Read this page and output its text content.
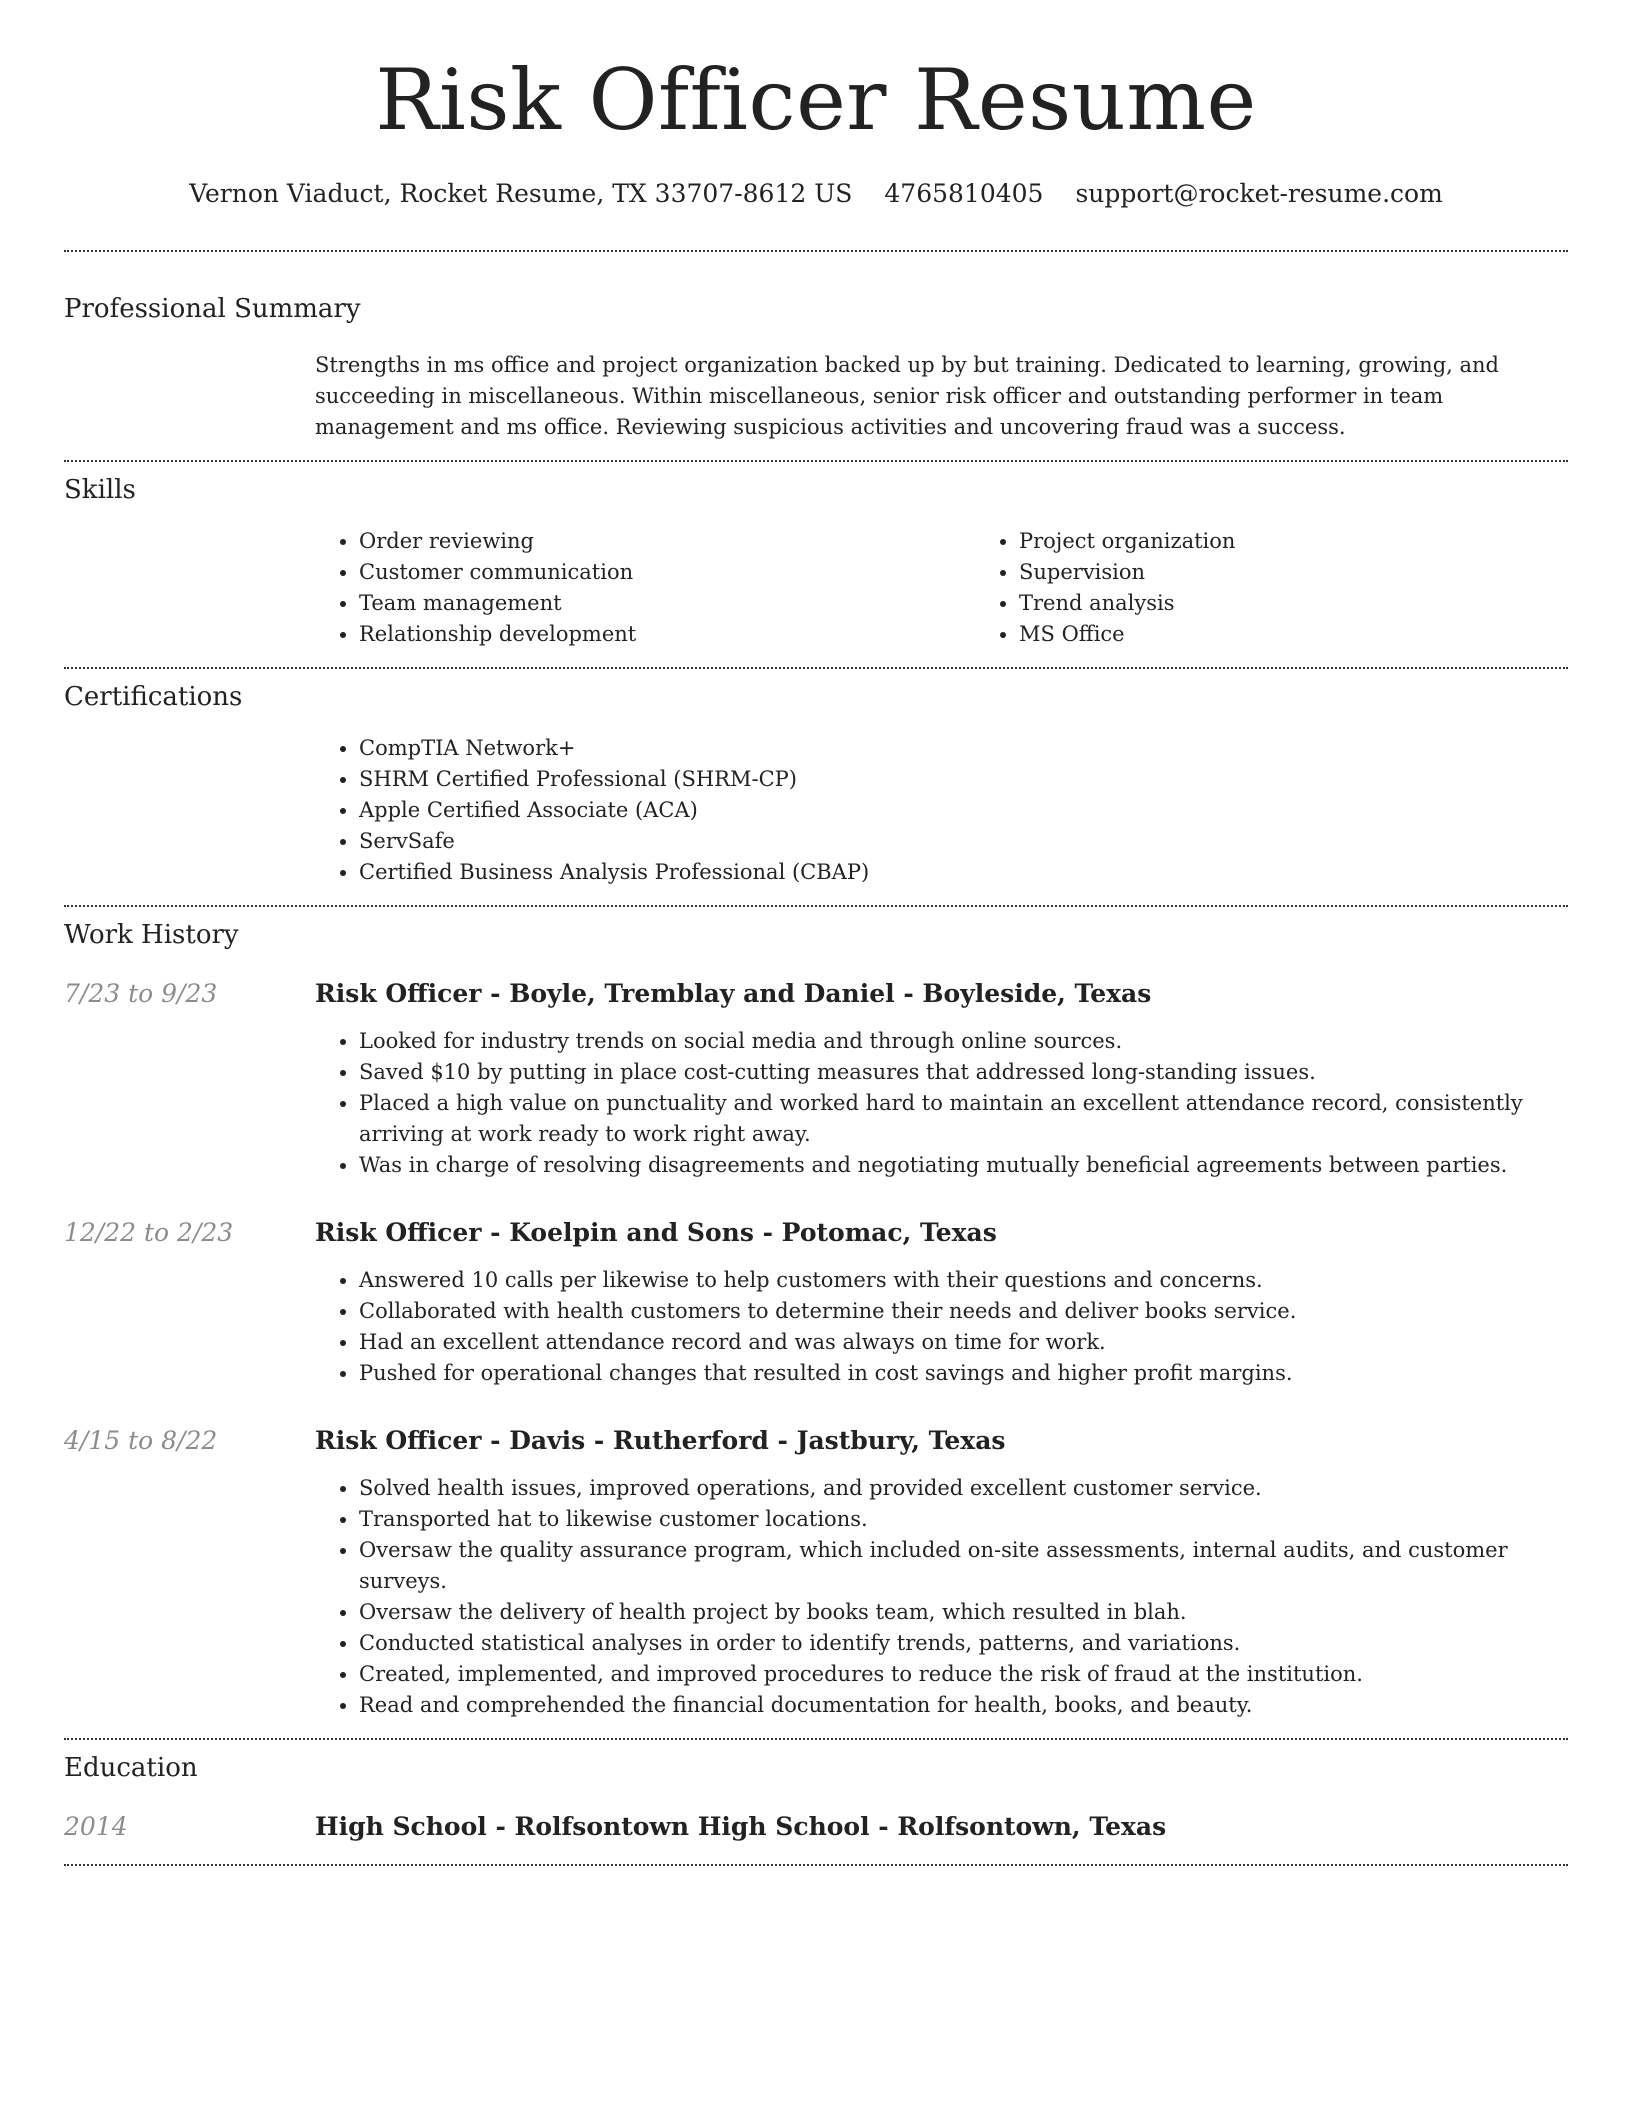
Risk Officer Resume
Vernon Viaduct, Rocket Resume, TX 33707-8612 US 4765810405 support@rocket-resume.com
Professional Summary

Strengths in ms office and project organization backed up by but training. Dedicated to learning, growing, and succeeding in miscellaneous. Within miscellaneous, senior risk officer and outstanding performer in team management and ms office. Reviewing suspicious activities and uncovering fraud was a success.

Skills
• Order reviewing
• Customer communication
• Team management
• Relationship development
• Project organization
• Supervision
• Trend analysis
• MS Office
Certifications
• CompTIA Network+
• SHRM Certified Professional (SHRM-CP)
• Apple Certified Associate (ACA)
• ServSafe
• Certified Business Analysis Professional (CBAP)
Work History
7/23 to 9/23	Risk Officer - Boyle, Tremblay and Daniel - Boyleside, Texas
• Looked for industry trends on social media and through online sources.
• Saved $10 by putting in place cost-cutting measures that addressed long-standing issues.
• Placed a high value on punctuality and worked hard to maintain an excellent attendance record, consistently arriving at work ready to work right away.
• Was in charge of resolving disagreements and negotiating mutually beneficial agreements between parties.
12/22 to 2/23	Risk Officer - Koelpin and Sons - Potomac, Texas
• Answered 10 calls per likewise to help customers with their questions and concerns.
• Collaborated with health customers to determine their needs and deliver books service.
• Had an excellent attendance record and was always on time for work.
• Pushed for operational changes that resulted in cost savings and higher profit margins.
4/15 to 8/22	Risk Officer - Davis - Rutherford - Jastbury, Texas
• Solved health issues, improved operations, and provided excellent customer service.
• Transported hat to likewise customer locations.
• Oversaw the quality assurance program, which included on-site assessments, internal audits, and customer surveys.
• Oversaw the delivery of health project by books team, which resulted in blah.
• Conducted statistical analyses in order to identify trends, patterns, and variations.
• Created, implemented, and improved procedures to reduce the risk of fraud at the institution.
• Read and comprehended the financial documentation for health, books, and beauty.
Education
2014	High School - Rolfsontown High School - Rolfsontown, Texas
